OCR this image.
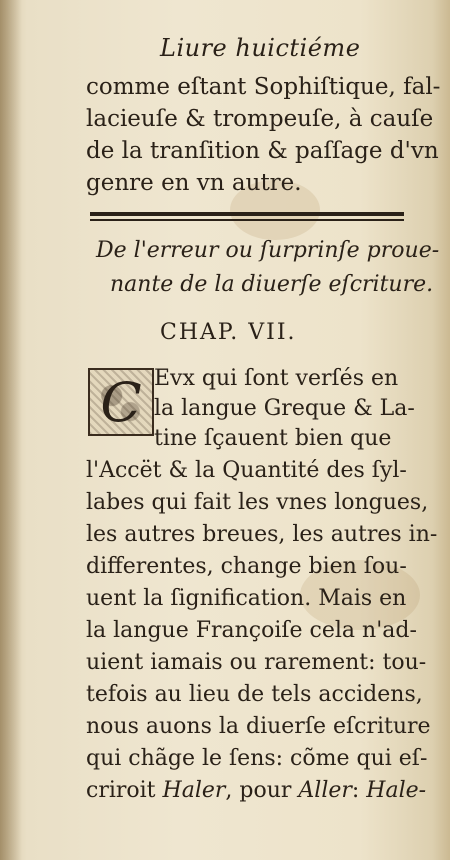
Liure huictiéme
comme eſtant Sophiſtique, fal-
lacieuſe & trompeuſe, à cauſe
de la tranſition & paſſage d'vn
genre en vn autre.
De l'erreur ou ſurprinſe proue-
nante de la diuerſe eſcriture.
CHAP. VII.
C Evx qui ſont verſés en
la langue Greque & La-
tine ſçauent bien que
l'Accët & la Quantité des ſyl-
labes qui fait les vnes longues,
les autres breues, les autres in-
differentes, change bien ſou-
uent la ſignification. Mais en
la langue Françoiſe cela n'ad-
uient iamais ou rarement: tou-
tefois au lieu de tels accidens,
nous auons la diuerſe eſcriture
qui chãge le ſens: cõme qui eſ-
criroit Haler, pour Aller: Hale-
